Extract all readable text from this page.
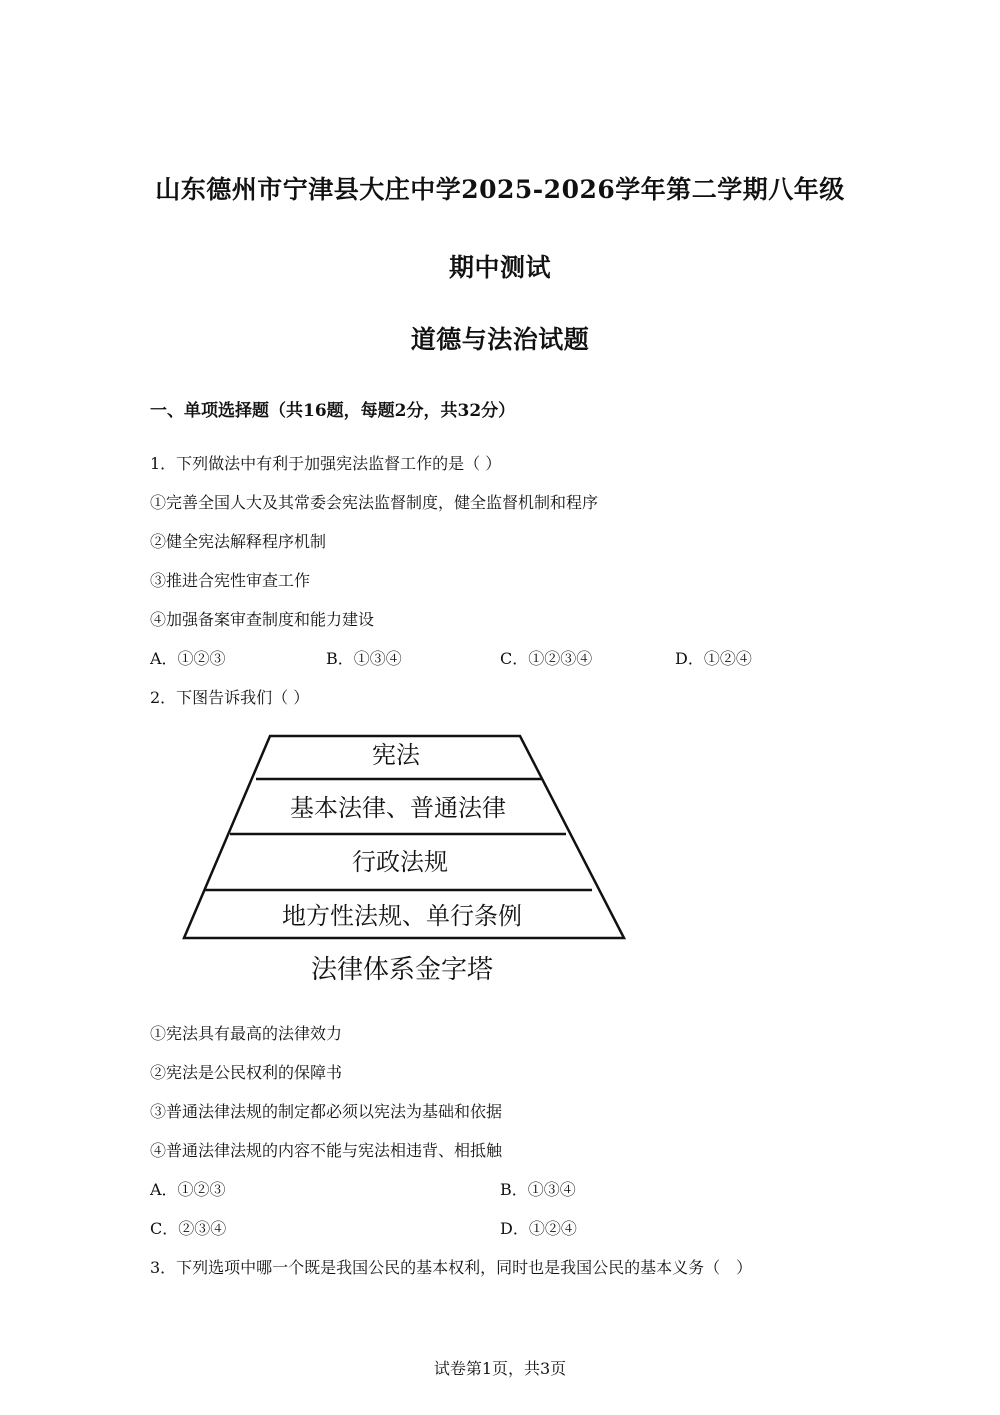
山东德州市宁津县大庄中学2025-2026学年第二学期八年级
期中测试
道德与法治试题
一、单项选择题（共16题，每题2分，共32分）
1．下列做法中有利于加强宪法监督工作的是（ ）
①完善全国人大及其常委会宪法监督制度，健全监督机制和程序
②健全宪法解释程序机制
③推进合宪性审查工作
④加强备案审查制度和能力建设
A．①②③	B．①③④	C．①②③④	D．①②④
2．下图告诉我们（ ）
宪法
基本法律、普通法律
行政法规
地方性法规、单行条例
法律体系金字塔
①宪法具有最高的法律效力
②宪法是公民权利的保障书
③普通法律法规的制定都必须以宪法为基础和依据
④普通法律法规的内容不能与宪法相违背、相抵触
A．①②③	B．①③④
C．②③④	D．①②④
3．下列选项中哪一个既是我国公民的基本权利，同时也是我国公民的基本义务（　）
试卷第1页，共3页
